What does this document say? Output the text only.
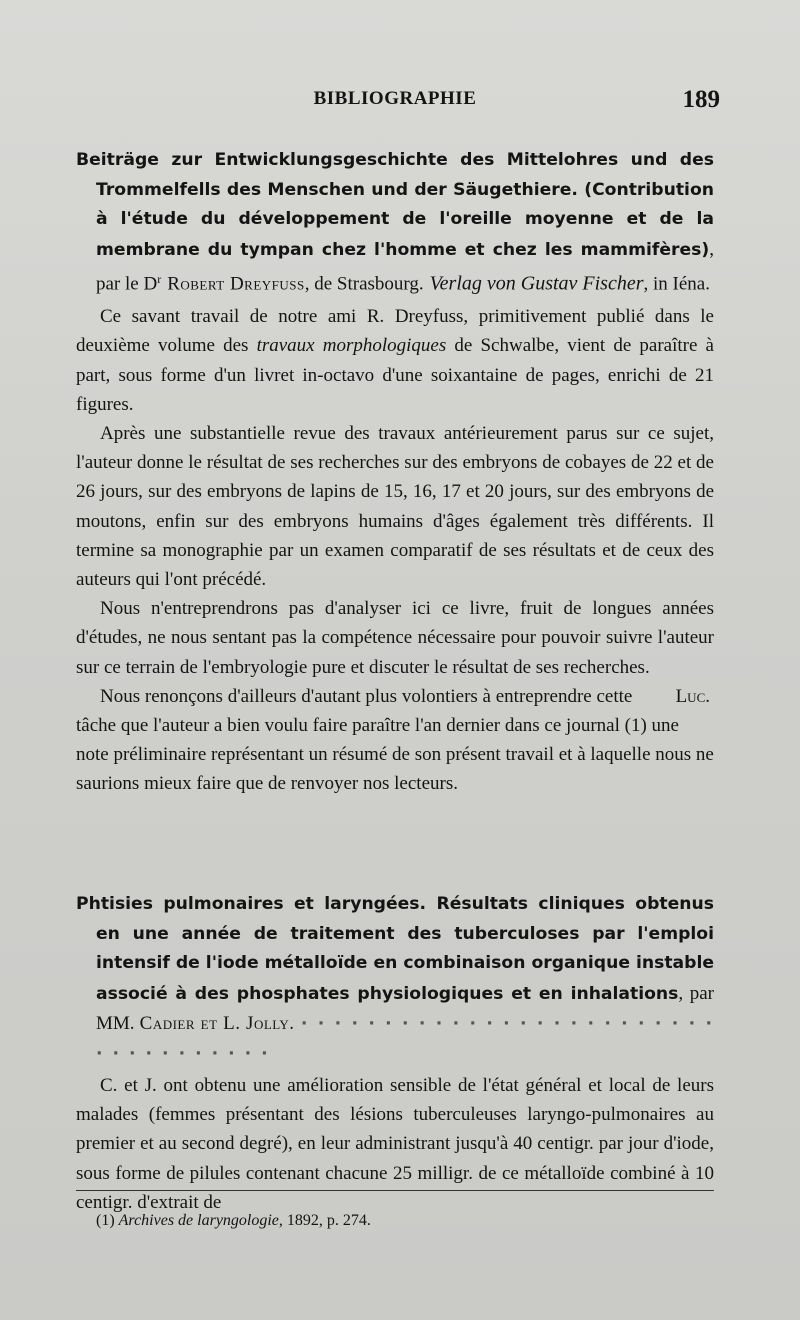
BIBLIOGRAPHIE	189

Beiträge zur Entwicklungsgeschichte des Mittelohres und des Trommelfells des Menschen und der Säugethiere. (Contribution à l'étude du développement de l'oreille moyenne et de la membrane du tympan chez l'homme et chez les mammifères), par le $D^r$ Robert Dreyfuss, de Strasbourg. Verlag von Gustav Fischer, in Iéna.

Ce savant travail de notre ami R. Dreyfuss, primitivement publié dans le deuxième volume des travaux morphologiques de Schwalbe, vient de paraître à part, sous forme d'un livret in-octavo d'une soixantaine de pages, enrichi de 21 figures.

Après une substantielle revue des travaux antérieurement parus sur ce sujet, l'auteur donne le résultat de ses recherches sur des embryons de cobayes de 22 et de 26 jours, sur des embryons de lapins de 15, 16, 17 et 20 jours, sur des embryons de moutons, enfin sur des embryons humains d'âges également très différents. Il termine sa monographie par un examen comparatif de ses résultats et de ceux des auteurs qui l'ont précédé.

Nous n'entreprendrons pas d'analyser ici ce livre, fruit de longues années d'études, ne nous sentant pas la compétence nécessaire pour pouvoir suivre l'auteur sur ce terrain de l'embryologie pure et discuter le résultat de ses recherches.

Luc.
Nous renonçons d'ailleurs d'autant plus volontiers à entreprendre cette tâche que l'auteur a bien voulu faire paraître l'an dernier dans ce journal (1) une note préliminaire représentant un résumé de son présent travail et à laquelle nous ne saurions mieux faire que de renvoyer nos lecteurs.

Phtisies pulmonaires et laryngées. Résultats cliniques obtenus en une année de traitement des tuberculoses par l'emploi intensif de l'iode métalloïde en combinaison organique instable associé à des phosphates physiologiques et en inhalations, par MM. Cadier et L. Jolly. · · · · · · · · · · · · · · · · · · · · · · · · · · · · · · · · · · · ·

C. et J. ont obtenu une amélioration sensible de l'état général et local de leurs malades (femmes présentant des lésions tuberculeuses laryngo-pulmonaires au premier et au second degré), en leur administrant jusqu'à 40 centigr. par jour d'iode, sous forme de pilules contenant chacune 25 milligr. de ce métalloïde combiné à 10 centigr. d'extrait de

(1) Archives de laryngologie, 1892, p. 274.
